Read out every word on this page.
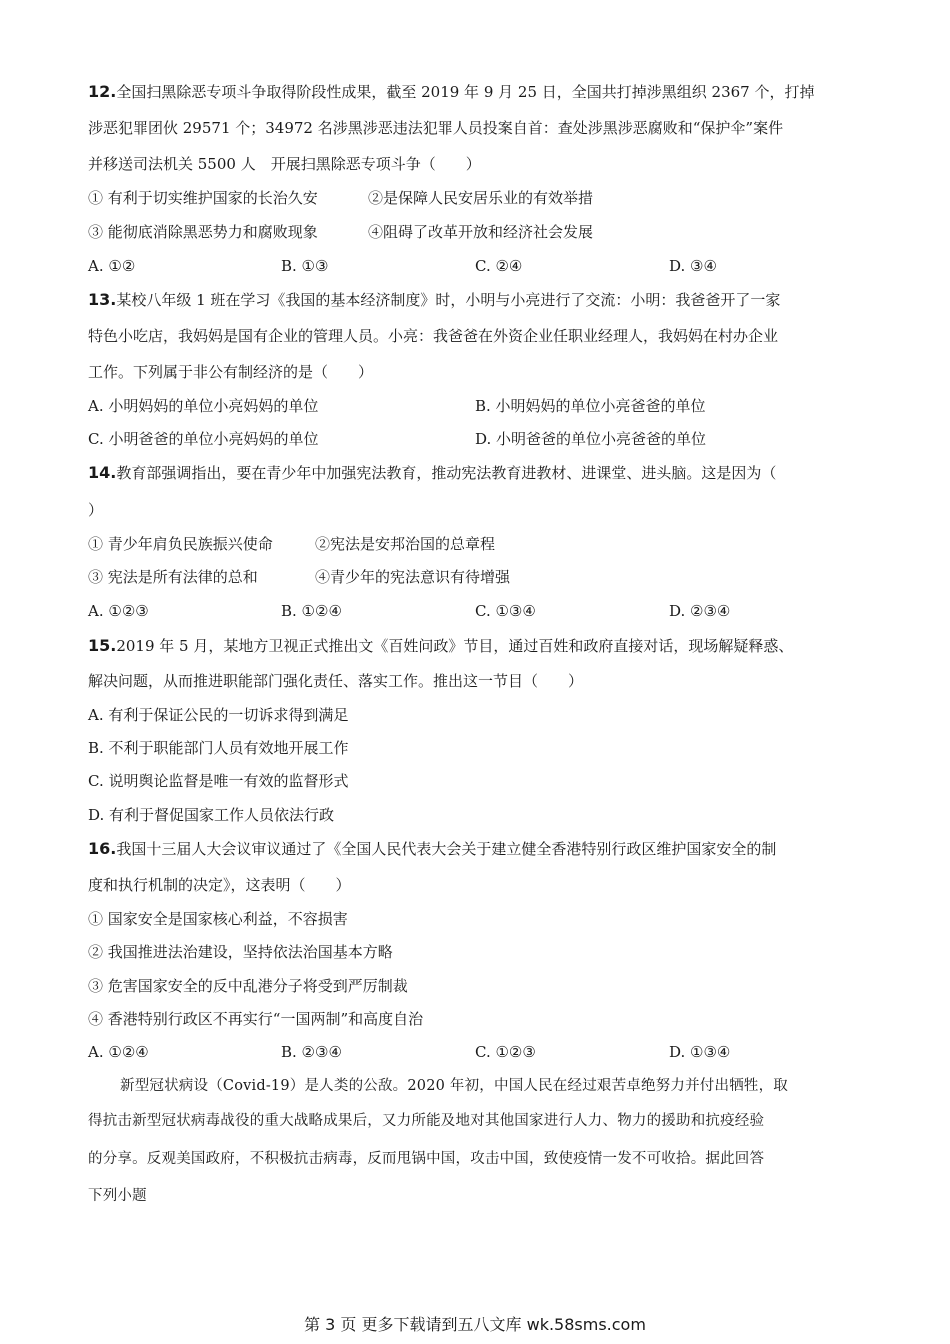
12.全国扫黑除恶专项斗争取得阶段性成果，截至 2019 年 9 月 25 日，全国共打掉涉黑组织 2367 个，打掉
涉恶犯罪团伙 29571 个；34972 名涉黑涉恶违法犯罪人员投案自首：查处涉黑涉恶腐败和“保护伞”案件
并移送司法机关 5500 人　开展扫黑除恶专项斗争（　　）
① 有利于切实维护国家的长治久安	②是保障人民安居乐业的有效举措
③ 能彻底消除黑恶势力和腐败现象	④阻碍了改革开放和经济社会发展
A. ①②	B. ①③	C. ②④	D. ③④
13.某校八年级 1 班在学习《我国的基本经济制度》时，小明与小亮进行了交流：小明：我爸爸开了一家
特色小吃店，我妈妈是国有企业的管理人员。小亮：我爸爸在外资企业任职业经理人，我妈妈在村办企业
工作。下列属于非公有制经济的是（　　）
A. 小明妈妈的单位小亮妈妈的单位	B. 小明妈妈的单位小亮爸爸的单位
C. 小明爸爸的单位小亮妈妈的单位	D. 小明爸爸的单位小亮爸爸的单位
14.教育部强调指出，要在青少年中加强宪法教育，推动宪法教育进教材、进课堂、进头脑。这是因为（
）
① 青少年肩负民族振兴使命	②宪法是安邦治国的总章程
③ 宪法是所有法律的总和	④青少年的宪法意识有待增强
A. ①②③	B. ①②④	C. ①③④	D. ②③④
15.2019 年 5 月，某地方卫视正式推出文《百姓问政》节目，通过百姓和政府直接对话，现场解疑释惑、
解决问题，从而推进职能部门强化责任、落实工作。推出这一节目（　　）
A. 有利于保证公民的一切诉求得到满足
B. 不利于职能部门人员有效地开展工作
C. 说明舆论监督是唯一有效的监督形式
D. 有利于督促国家工作人员依法行政
16.我国十三届人大会议审议通过了《全国人民代表大会关于建立健全香港特别行政区维护国家安全的制
度和执行机制的决定》，这表明（　　）
① 国家安全是国家核心利益，不容损害
② 我国推进法治建设，坚持依法治国基本方略
③ 危害国家安全的反中乱港分子将受到严厉制裁
④ 香港特别行政区不再实行“一国两制”和高度自治
A. ①②④	B. ②③④	C. ①②③	D. ①③④
新型冠状病设（Covid-19）是人类的公敌。2020 年初，中国人民在经过艰苦卓绝努力并付出牺牲，取
得抗击新型冠状病毒战役的重大战略成果后，又力所能及地对其他国家进行人力、物力的援助和抗疫经验
的分享。反观美国政府，不积极抗击病毒，反而甩锅中国，攻击中国，致使疫情一发不可收拾。据此回答
下列小题
第 3 页 更多下载请到五八文库 wk.58sms.com
